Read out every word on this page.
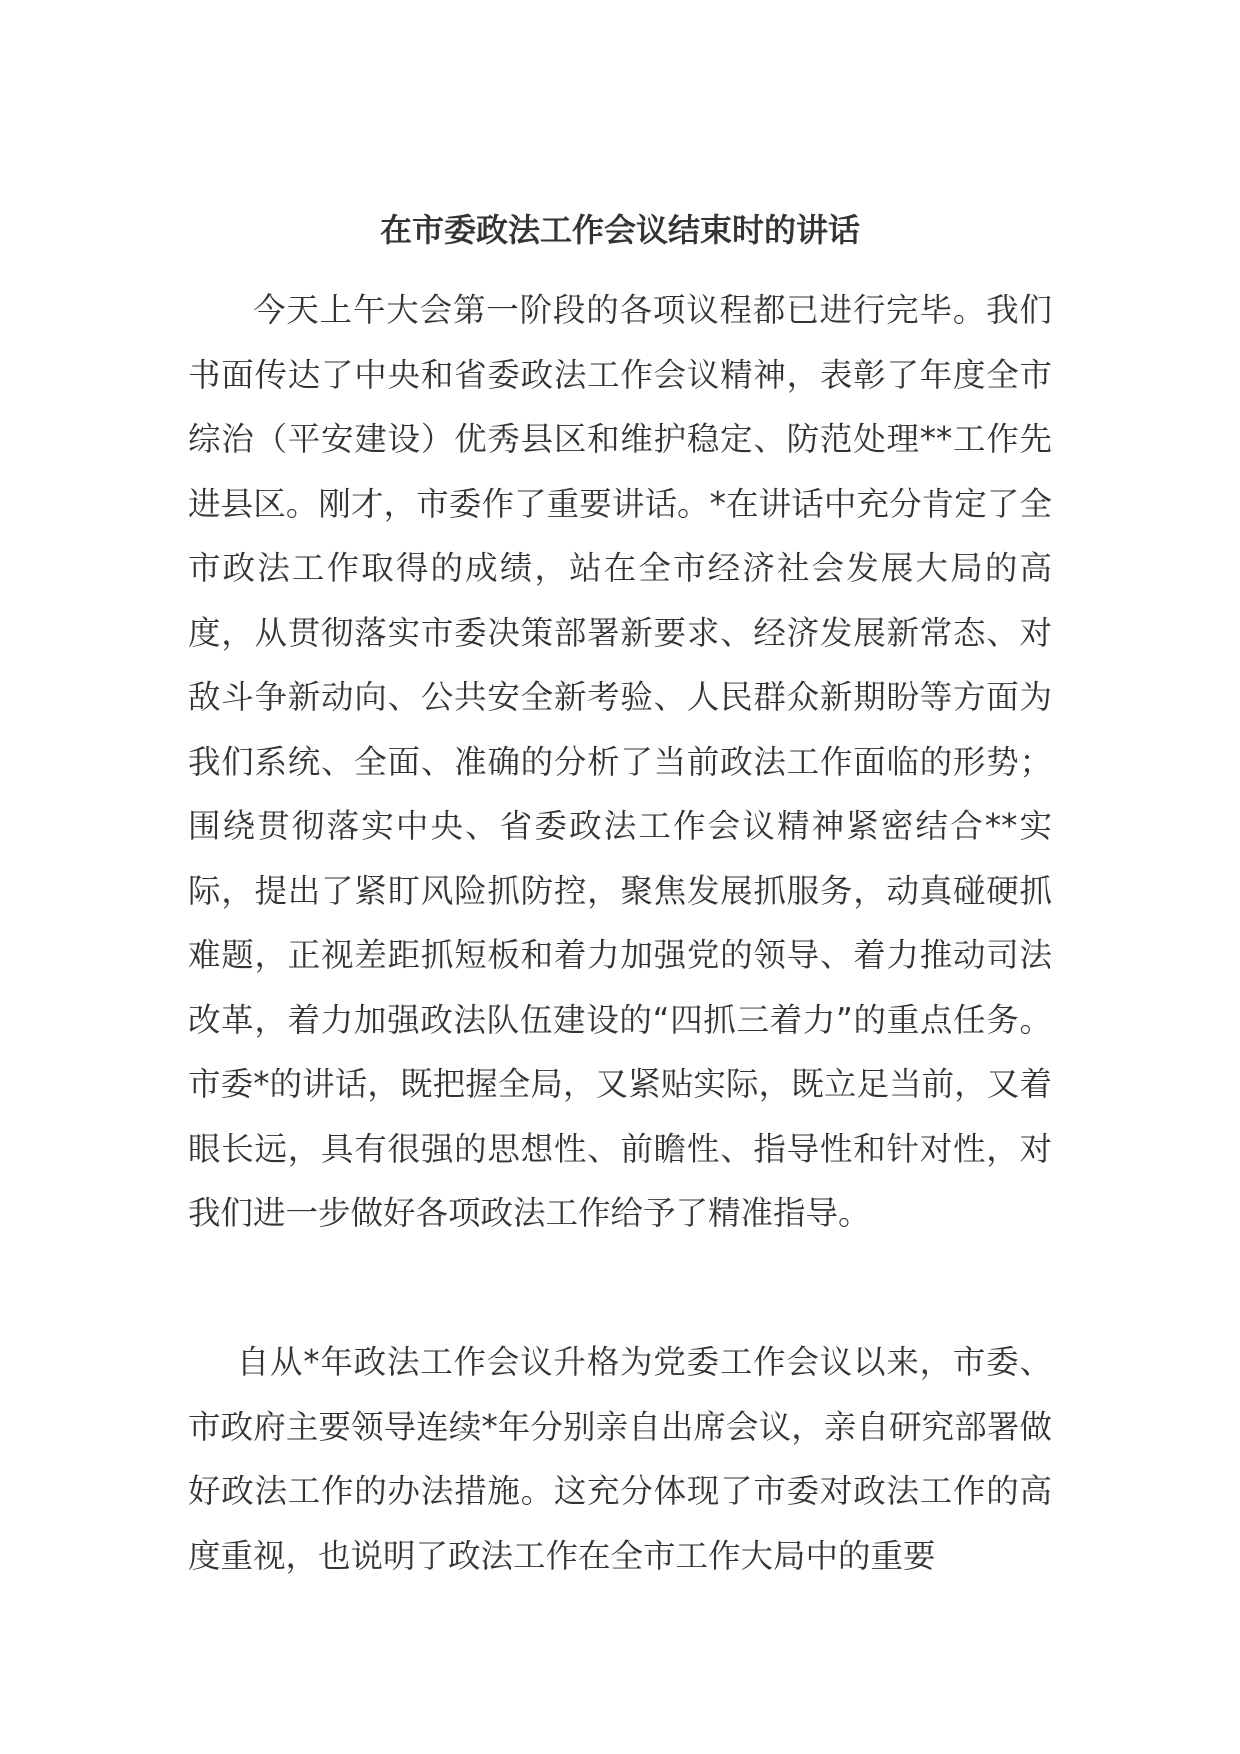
在市委政法工作会议结束时的讲话

今天上午大会第一阶段的各项议程都已进行完毕。我们书面传达了中央和省委政法工作会议精神，表彰了年度全市综治（平安建设）优秀县区和维护稳定、防范处理**工作先进县区。刚才，市委作了重要讲话。*在讲话中充分肯定了全市政法工作取得的成绩，站在全市经济社会发展大局的高度，从贯彻落实市委决策部署新要求、经济发展新常态、对敌斗争新动向、公共安全新考验、人民群众新期盼等方面为我们系统、全面、准确的分析了当前政法工作面临的形势；围绕贯彻落实中央、省委政法工作会议精神紧密结合**实际，提出了紧盯风险抓防控，聚焦发展抓服务，动真碰硬抓难题，正视差距抓短板和着力加强党的领导、着力推动司法改革，着力加强政法队伍建设的“四抓三着力”的重点任务。市委*的讲话，既把握全局，又紧贴实际，既立足当前，又着眼长远，具有很强的思想性、前瞻性、指导性和针对性，对我们进一步做好各项政法工作给予了精准指导。

自从*年政法工作会议升格为党委工作会议以来，市委、市政府主要领导连续*年分别亲自出席会议，亲自研究部署做好政法工作的办法措施。这充分体现了市委对政法工作的高度重视，也说明了政法工作在全市工作大局中的重要
